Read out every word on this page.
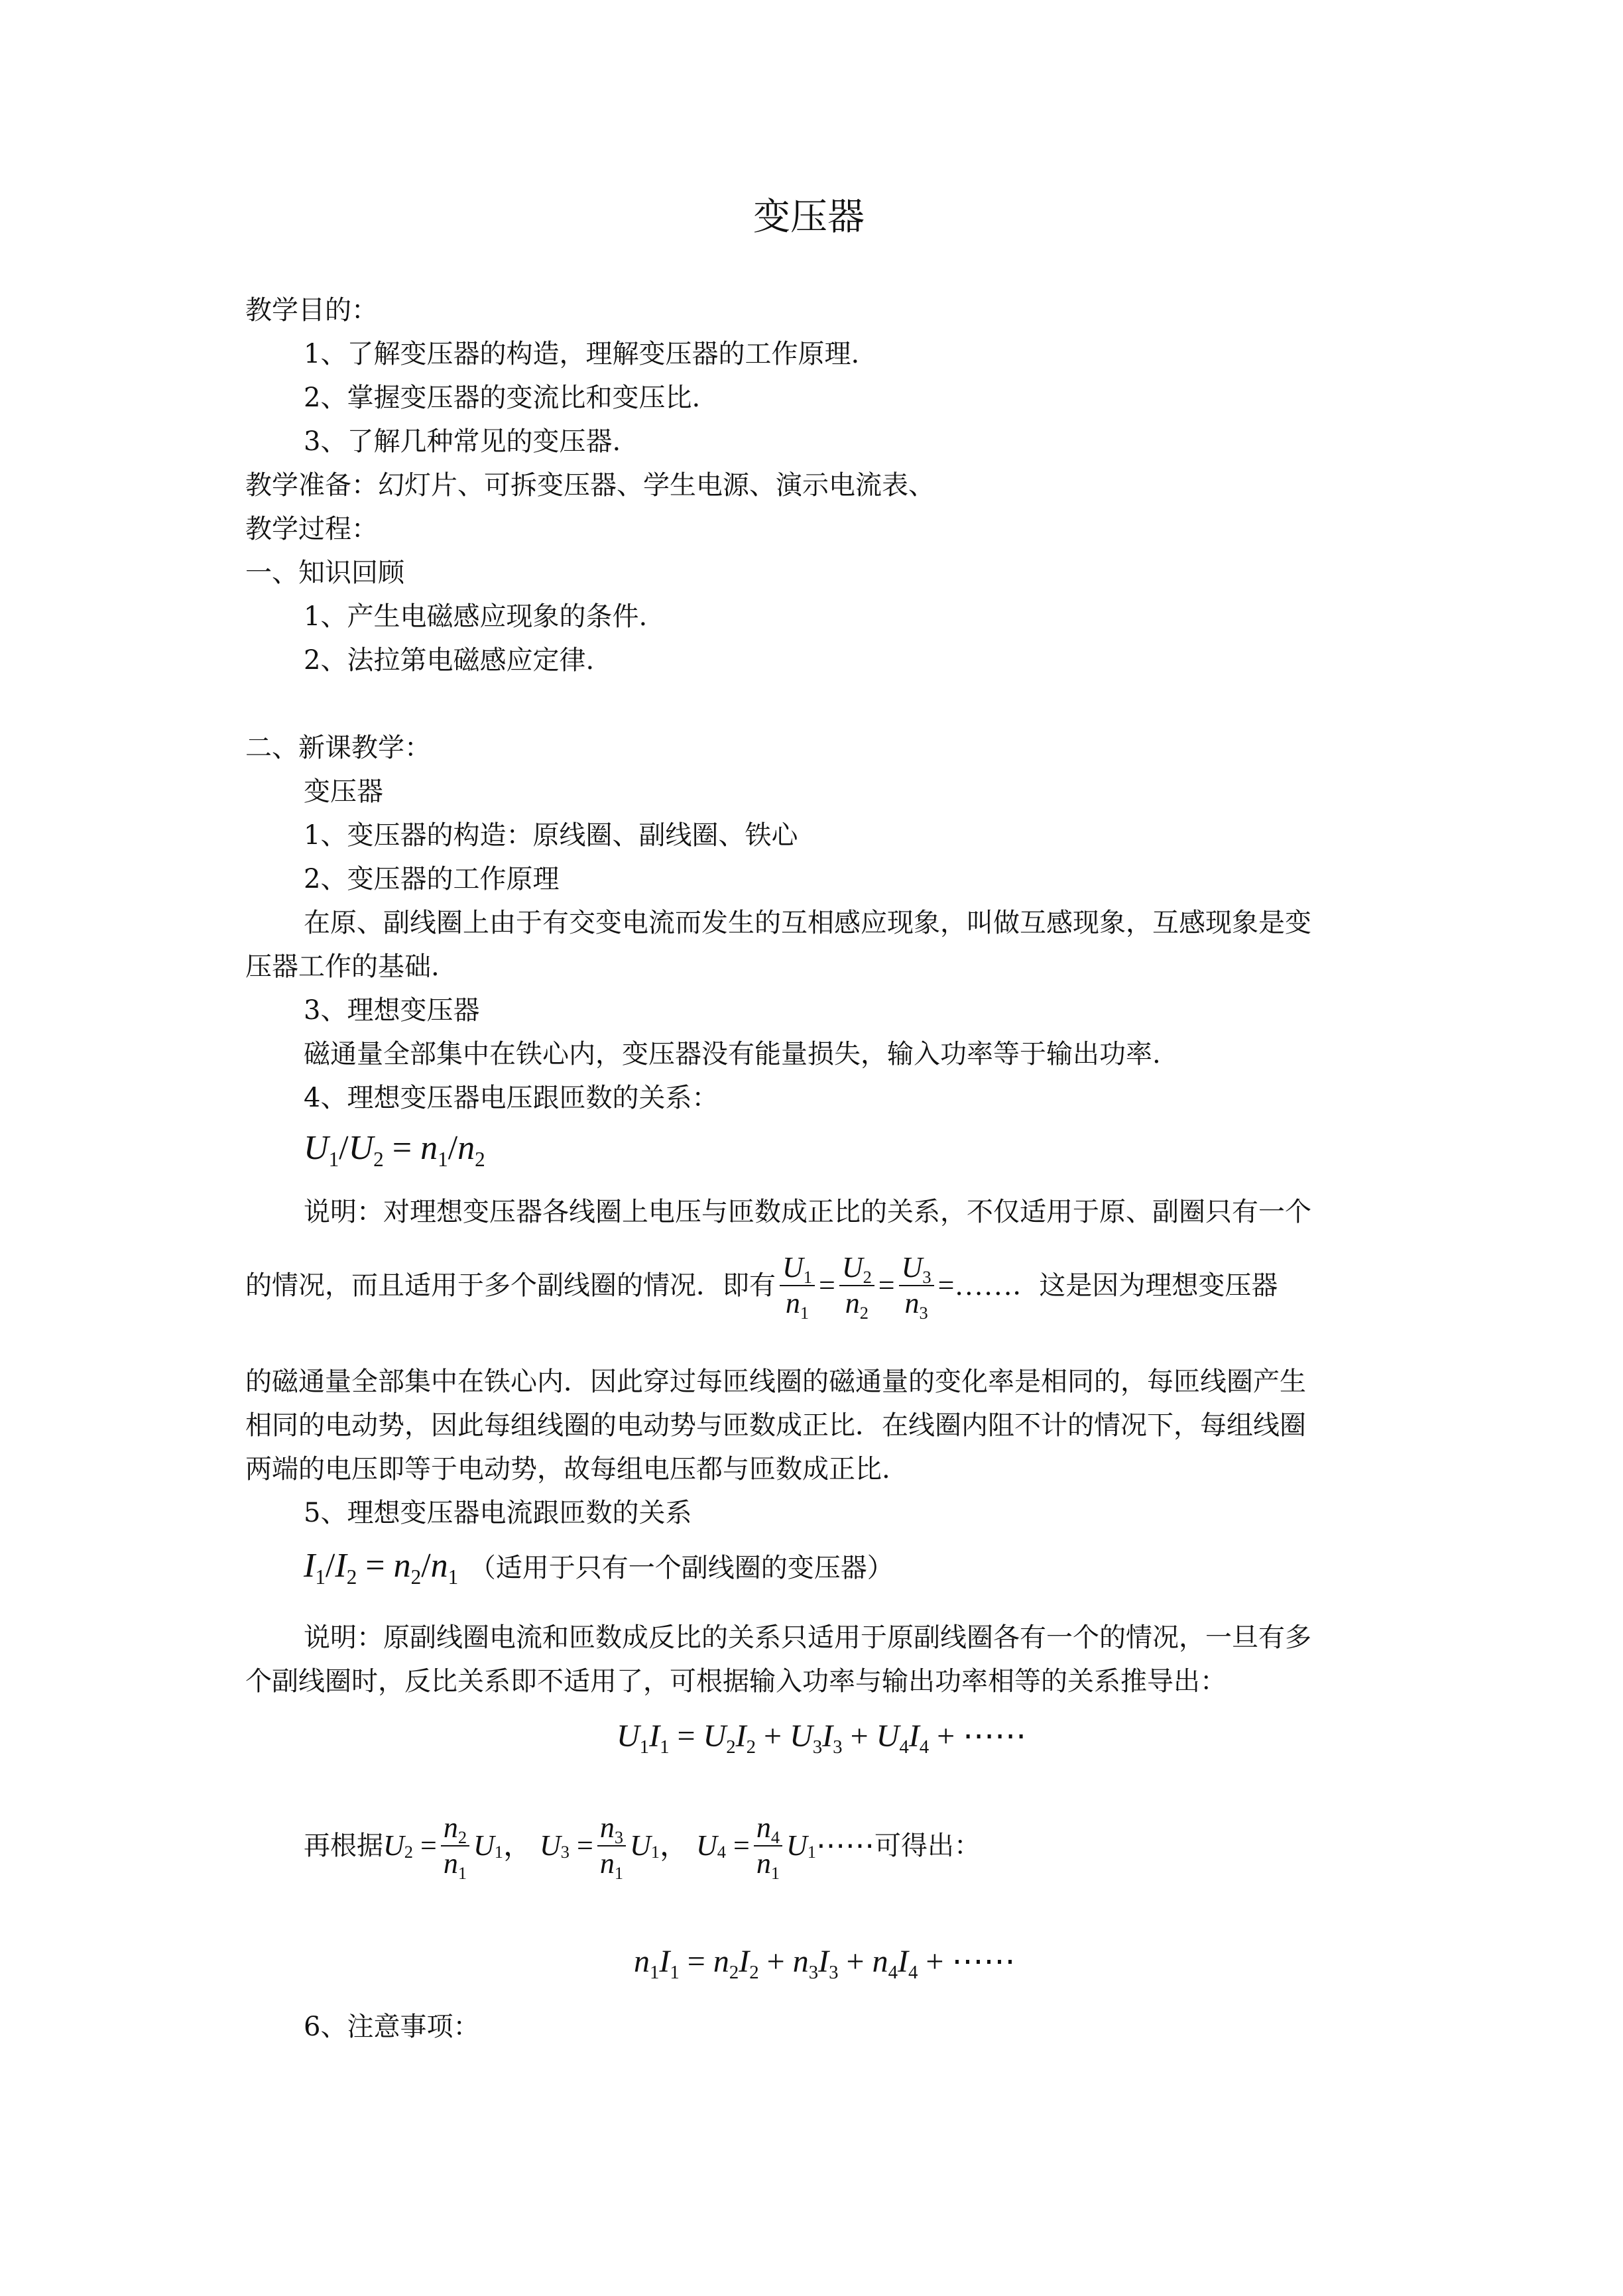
变压器
教学目的：
1、了解变压器的构造，理解变压器的工作原理.
2、掌握变压器的变流比和变压比.
3、了解几种常见的变压器.
教学准备：幻灯片、可拆变压器、学生电源、演示电流表、
教学过程：
一、知识回顾
1、产生电磁感应现象的条件.
2、法拉第电磁感应定律.
二、新课教学：
变压器
1、变压器的构造：原线圈、副线圈、铁心
2、变压器的工作原理
在原、副线圈上由于有交变电流而发生的互相感应现象，叫做互感现象，互感现象是变
压器工作的基础.
3、理想变压器
磁通量全部集中在铁心内，变压器没有能量损失，输入功率等于输出功率.
4、理想变压器电压跟匝数的关系：
$U_1/U_2 = n_1/n_2$
说明：对理想变压器各线圈上电压与匝数成正比的关系，不仅适用于原、副圈只有一个
的情况，而且适用于多个副线圈的情况．即有 $\frac{U_1}{n_1} = \frac{U_2}{n_2} = \frac{U_3}{n_3}$ =…… ．这是因为理想变压器
的磁通量全部集中在铁心内．因此穿过每匝线圈的磁通量的变化率是相同的，每匝线圈产生
相同的电动势，因此每组线圈的电动势与匝数成正比．在线圈内阻不计的情况下，每组线圈
两端的电压即等于电动势，故每组电压都与匝数成正比.
5、理想变压器电流跟匝数的关系
$I_1/I_2 = n_2/n_1$ （适用于只有一个副线圈的变压器）
说明：原副线圈电流和匝数成反比的关系只适用于原副线圈各有一个的情况，一旦有多
个副线圈时，反比关系即不适用了，可根据输入功率与输出功率相等的关系推导出：
$U_1I_1 = U_2I_2 + U_3I_3 + U_4I_4$ + ⋯⋯
再根据 U $2 = \frac{n_2}{n_1}$ U 1 ， U $3 = \frac{n_3}{n_1}$ U 1 ， U $4 = \frac{n_4}{n_1}$ U 1 ⋯⋯ 可得出：
$n_1I_1 = n_2I_2 + n_3I_3 + n_4I_4$ + ⋯⋯
6、注意事项：
